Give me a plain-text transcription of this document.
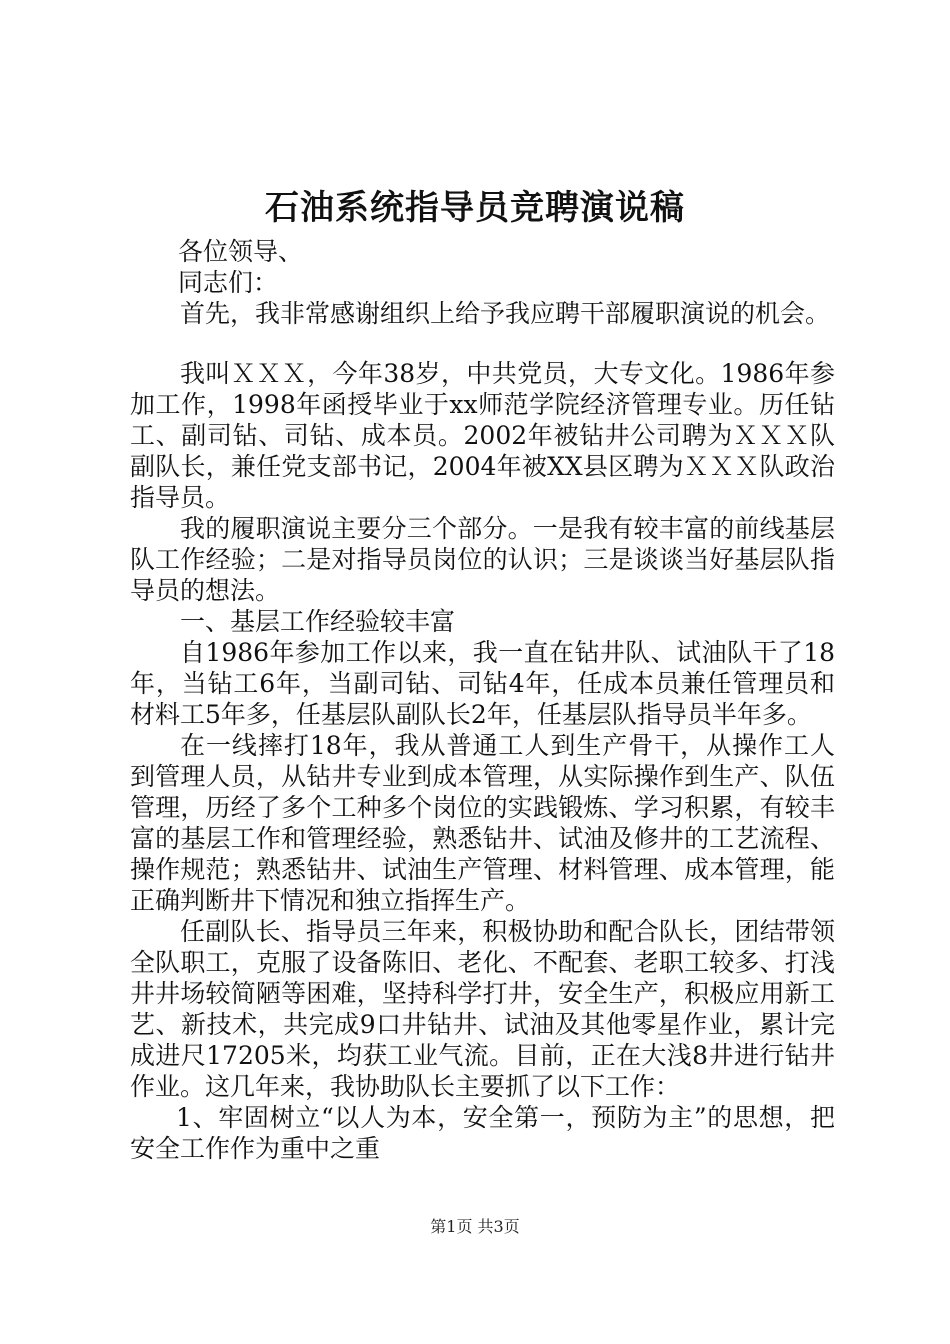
石油系统指导员竞聘演说稿

各位领导、

同志们：

首先，我非常感谢组织上给予我应聘干部履职演说的机会。

我叫ＸＸＸ，今年38岁，中共党员，大专文化。1986年参加工作，1998年函授毕业于xx师范学院经济管理专业。历任钻工、副司钻、司钻、成本员。2002年被钻井公司聘为ＸＸＸ队副队长，兼任党支部书记，2004年被XX县区聘为ＸＸＸ队政治指导员。

我的履职演说主要分三个部分。一是我有较丰富的前线基层队工作经验；二是对指导员岗位的认识；三是谈谈当好基层队指导员的想法。

一、基层工作经验较丰富

自1986年参加工作以来，我一直在钻井队、试油队干了18年，当钻工6年，当副司钻、司钻4年，任成本员兼任管理员和材料工5年多，任基层队副队长2年，任基层队指导员半年多。

在一线摔打18年，我从普通工人到生产骨干，从操作工人到管理人员，从钻井专业到成本管理，从实际操作到生产、队伍管理，历经了多个工种多个岗位的实践锻炼、学习积累，有较丰富的基层工作和管理经验，熟悉钻井、试油及修井的工艺流程、操作规范；熟悉钻井、试油生产管理、材料管理、成本管理，能正确判断井下情况和独立指挥生产。

任副队长、指导员三年来，积极协助和配合队长，团结带领全队职工，克服了设备陈旧、老化、不配套、老职工较多、打浅井井场较简陋等困难，坚持科学打井，安全生产，积极应用新工艺、新技术，共完成9口井钻井、试油及其他零星作业，累计完成进尺17205米，均获工业气流。目前，正在大浅8井进行钻井作业。这几年来，我协助队长主要抓了以下工作：

1、牢固树立“以人为本，安全第一，预防为主”的思想，把安全工作作为重中之重

第1页 共3页
